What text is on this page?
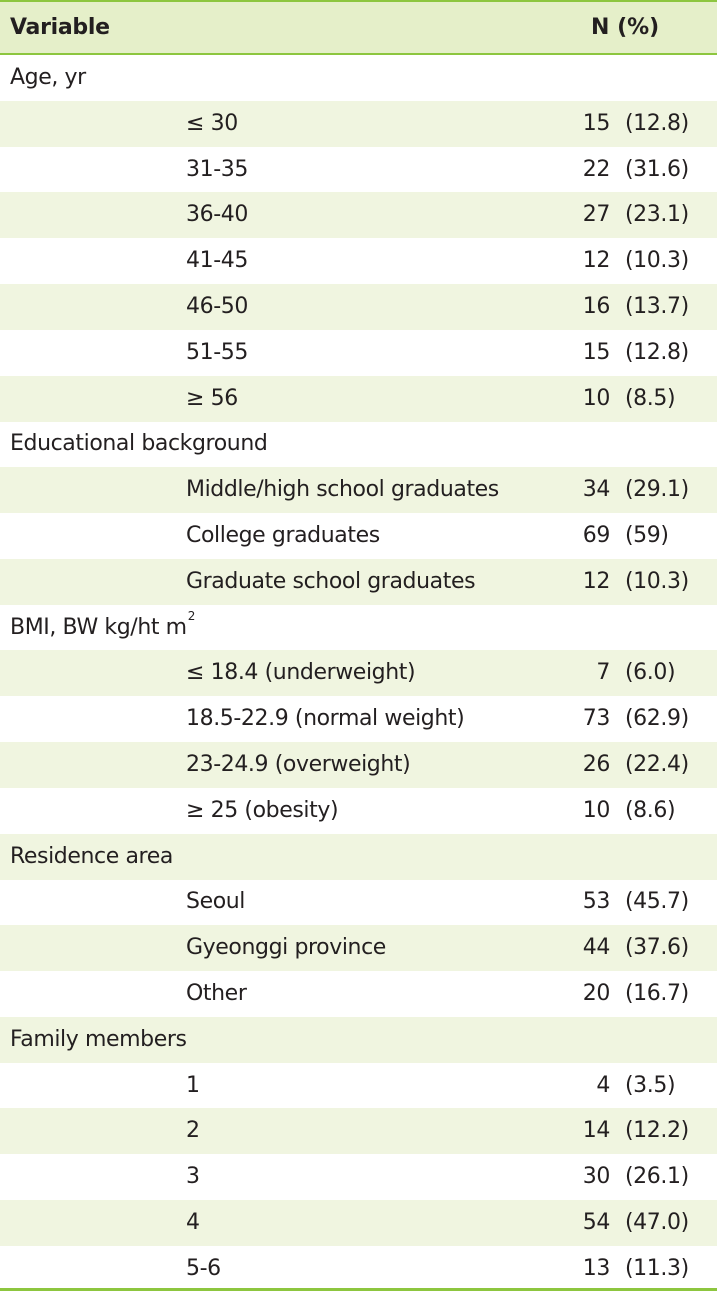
Variable	N (%)
Age, yr
≤ 30	15 (12.8)
31-35	22 (31.6)
36-40	27 (23.1)
41-45	12 (10.3)
46-50	16 (13.7)
51-55	15 (12.8)
≥ 56	10 (8.5)
Educational background
Middle/high school graduates	34 (29.1)
College graduates	69 (59)
Graduate school graduates	12 (10.3)
BMI, BW kg/ht $m^2$
≤ 18.4 (underweight)	7 (6.0)
18.5-22.9 (normal weight)	73 (62.9)
23-24.9 (overweight)	26 (22.4)
≥ 25 (obesity)	10 (8.6)
Residence area
Seoul	53 (45.7)
Gyeonggi province	44 (37.6)
Other	20 (16.7)
Family members
1	4 (3.5)
2	14 (12.2)
3	30 (26.1)
4	54 (47.0)
5-6	13 (11.3)
